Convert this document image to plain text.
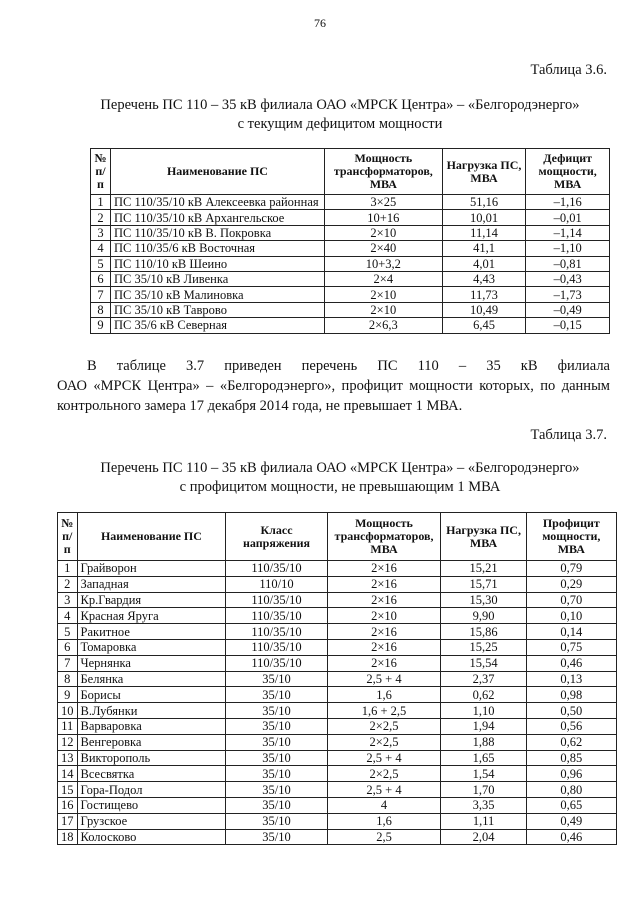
76
Таблица 3.6.
Перечень ПС 110 – 35 кВ филиала ОАО «МРСК Центра» – «Белгородэнерго»
с текущим дефицитом мощности
№ п/п	Наименование ПС	Мощность трансформаторов, МВА	Нагрузка ПС, МВА	Дефицит мощности, МВА
1	ПС 110/35/10 кВ Алексеевка районная	3×25	51,16	–1,16
2	ПС 110/35/10 кВ Архангельское	10+16	10,01	–0,01
3	ПС 110/35/10 кВ В. Покровка	2×10	11,14	–1,14
4	ПС 110/35/6 кВ Восточная	2×40	41,1	–1,10
5	ПС 110/10 кВ Шеино	10+3,2	4,01	–0,81
6	ПС 35/10 кВ Ливенка	2×4	4,43	–0,43
7	ПС 35/10 кВ Малиновка	2×10	11,73	–1,73
8	ПС 35/10 кВ Таврово	2×10	10,49	–0,49
9	ПС 35/6 кВ Северная	2×6,3	6,45	–0,15
В таблице 3.7 приведен перечень ПС 110 – 35 кВ филиала
ОАО «МРСК Центра» – «Белгородэнерго», профицит мощности которых, по данным контрольного замера 17 декабря 2014 года, не превышает 1 МВА.
Таблица 3.7.
Перечень ПС 110 – 35 кВ филиала ОАО «МРСК Центра» – «Белгородэнерго»
с профицитом мощности, не превышающим 1 МВА
№ п/п	Наименование ПС	Класс напряжения	Мощность трансформаторов, МВА	Нагрузка ПС, МВА	Профицит мощности, МВА
1	Грайворон	110/35/10	2×16	15,21	0,79
2	Западная	110/10	2×16	15,71	0,29
3	Кр.Гвардия	110/35/10	2×16	15,30	0,70
4	Красная Яруга	110/35/10	2×10	9,90	0,10
5	Ракитное	110/35/10	2×16	15,86	0,14
6	Томаровка	110/35/10	2×16	15,25	0,75
7	Чернянка	110/35/10	2×16	15,54	0,46
8	Белянка	35/10	2,5 + 4	2,37	0,13
9	Борисы	35/10	1,6	0,62	0,98
10	В.Лубянки	35/10	1,6 + 2,5	1,10	0,50
11	Варваровка	35/10	2×2,5	1,94	0,56
12	Венгеровка	35/10	2×2,5	1,88	0,62
13	Викторополь	35/10	2,5 + 4	1,65	0,85
14	Всесвятка	35/10	2×2,5	1,54	0,96
15	Гора-Подол	35/10	2,5 + 4	1,70	0,80
16	Гостищево	35/10	4	3,35	0,65
17	Грузское	35/10	1,6	1,11	0,49
18	Колосково	35/10	2,5	2,04	0,46
